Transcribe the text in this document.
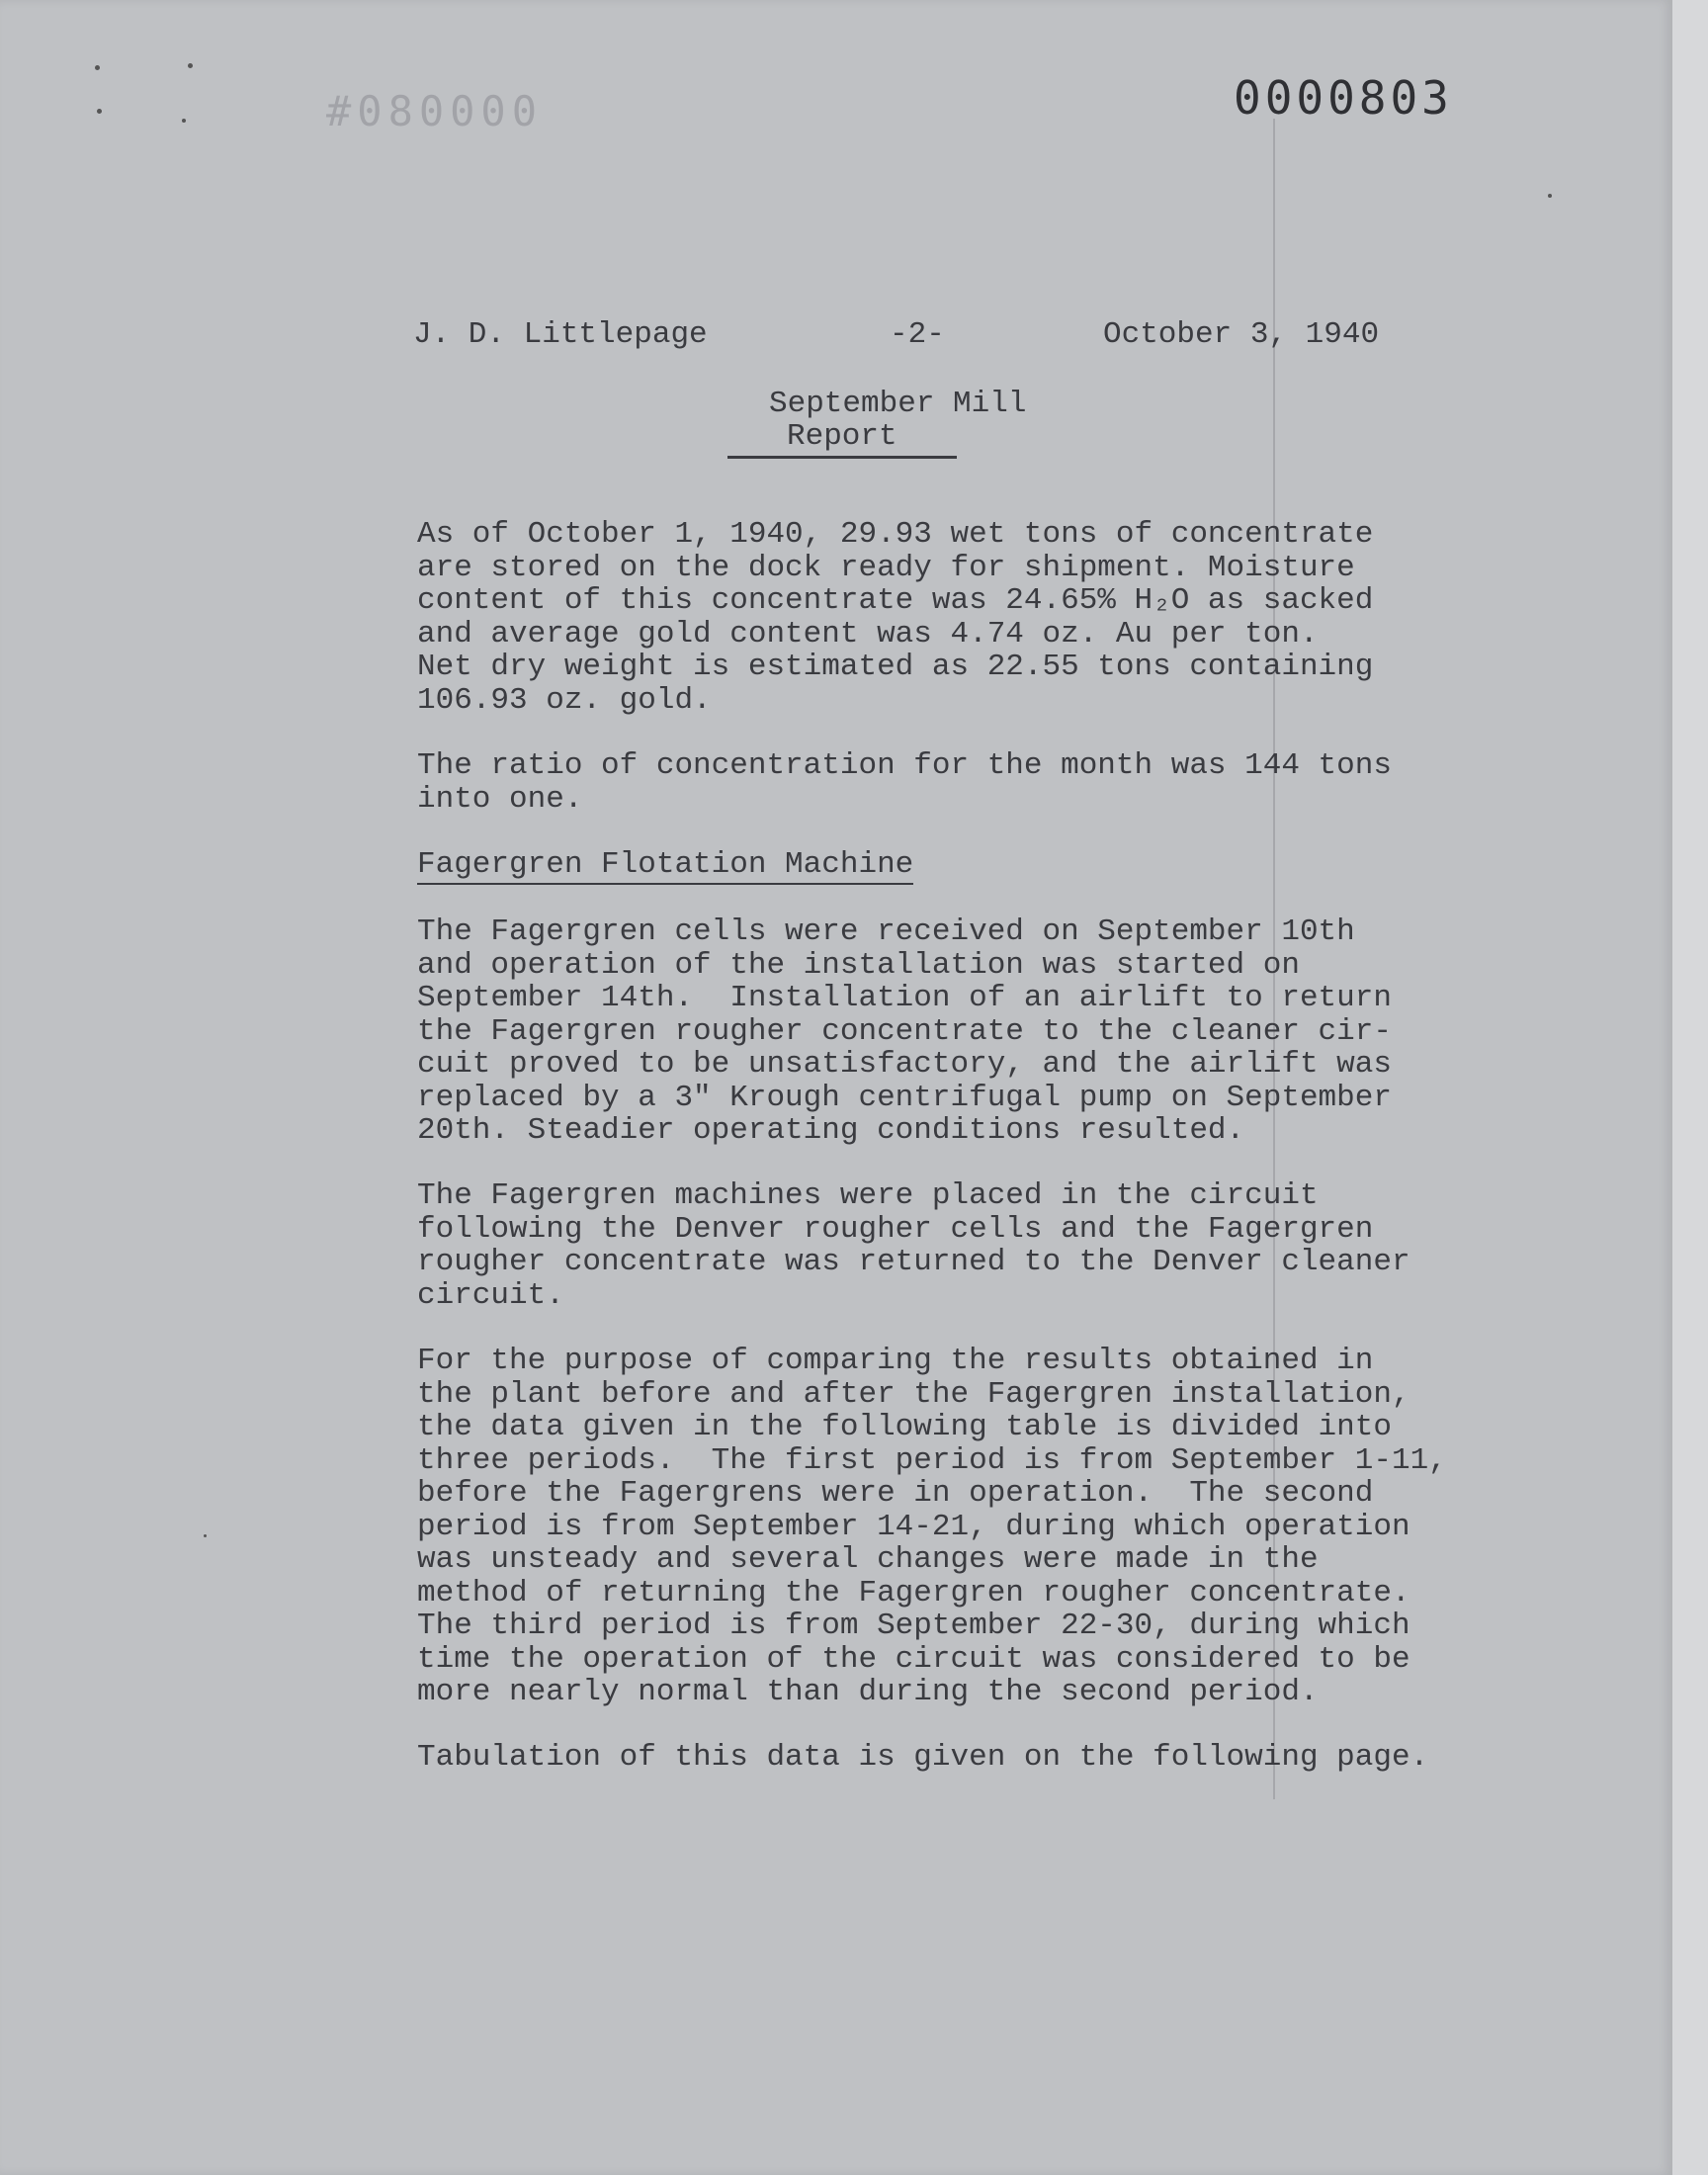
#080000	0000803
J. D. Littlepage	-2-	October 3, 1940
September Mill
Report

As of October 1, 1940, 29.93 wet tons of concentrate
are stored on the dock ready for shipment. Moisture
content of this concentrate was 24.65% H₂O as sacked
and average gold content was 4.74 oz. Au per ton.
Net dry weight is estimated as 22.55 tons containing
106.93 oz. gold.

The ratio of concentration for the month was 144 tons
into one.

Fagergren Flotation Machine

The Fagergren cells were received on September 10th
and operation of the installation was started on
September 14th.  Installation of an airlift to return
the Fagergren rougher concentrate to the cleaner cir-
cuit proved to be unsatisfactory, and the airlift was
replaced by a 3" Krough centrifugal pump on September
20th. Steadier operating conditions resulted.

The Fagergren machines were placed in the circuit
following the Denver rougher cells and the Fagergren
rougher concentrate was returned to the Denver cleaner
circuit.

For the purpose of comparing the results obtained in
the plant before and after the Fagergren installation,
the data given in the following table is divided into
three periods.  The first period is from September 1-11,
before the Fagergrens were in operation.  The second
period is from September 14-21, during which operation
was unsteady and several changes were made in the
method of returning the Fagergren rougher concentrate.
The third period is from September 22-30, during which
time the operation of the circuit was considered to be
more nearly normal than during the second period.

Tabulation of this data is given on the following page.
